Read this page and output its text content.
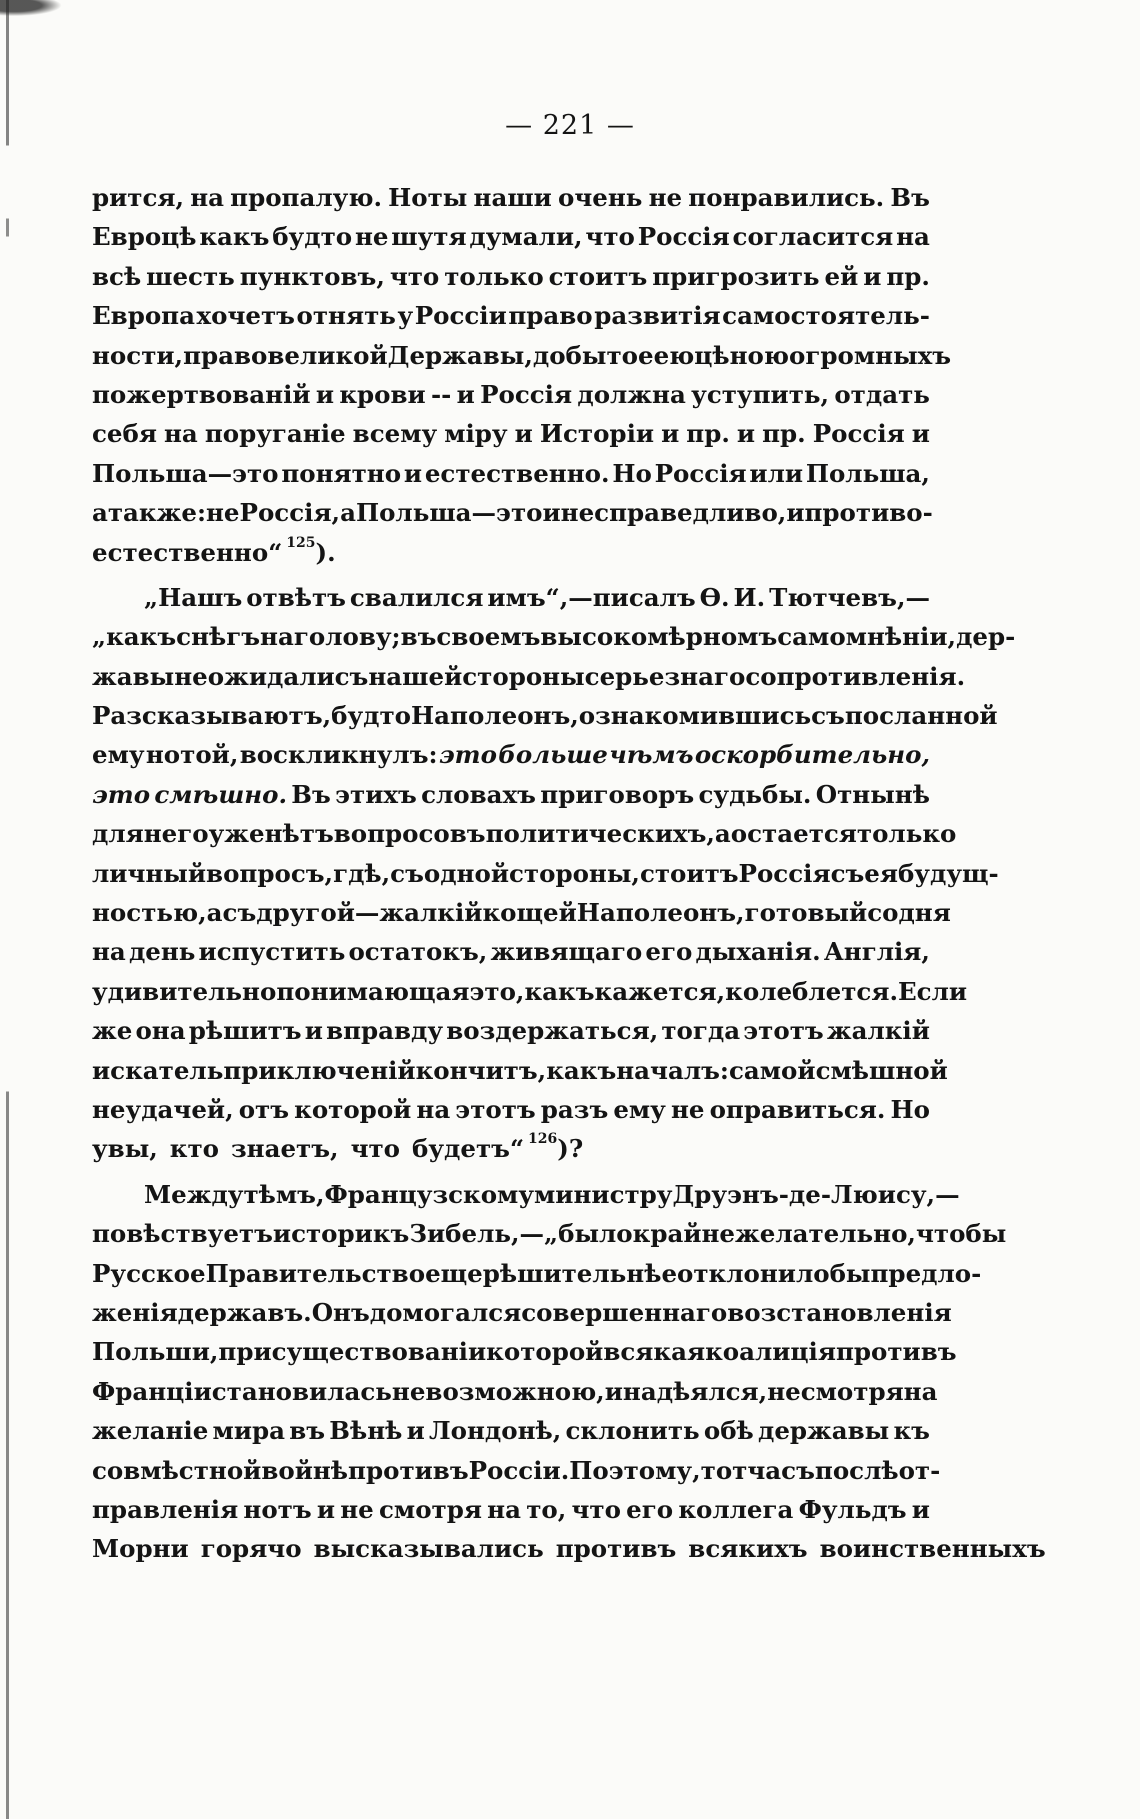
— 221 —
рится, на пропалую. Ноты наши очень не понравились. Въ
Евроцѣ какъ будто не шутя думали, что Россія согласится на
всѣ шесть пунктовъ, что только стоитъ пригрозить ей и пр.
Европа хочетъ отнять у Россіи право развитія самостоятель-
ности, право великой Державы, добытое ею цѣною огромныхъ
пожертвованій и крови -- и Россія должна уступить, отдать
себя на поруганіе всему міру и Исторіи и пр. и пр. Россія и
Польша—это понятно и естественно. Но Россія или Польша,
а также: не Россія, а Польша—это и несправедливо, и противо-
естественно“ 125 ).
„Нашъ отвѣтъ свалился имъ“,—писалъ Ѳ. И. Тютчевъ,—
„какъ снѣгъ на голову; въ своемъ высокомѣрномъ самомнѣніи, дер-
жавы не ожидали съ нашей стороны серьезнаго сопротивленія.
Разсказываютъ, будто Наполеонъ, ознакомившись съ посланной
ему нотой, воскликнулъ: это больше чѣмъ оскорбительно,
это смѣшно. Въ этихъ словахъ приговоръ судьбы. Отнынѣ
для него уже нѣтъ вопросовъ политическихъ, а остается только
личный вопросъ, гдѣ, съ одной стороны, стоитъ Россія съ ея будущ-
ностью, а съ другой—жалкій кощей Наполеонъ, готовый со дня
на день испустить остатокъ, живящаго его дыханія. Англія,
удивительно понимающая это, какъ кажется, колеблется. Если
же она рѣшитъ и вправду воздержаться, тогда этотъ жалкій
искатель приключеній кончитъ, какъ началъ: самой смѣшной
неудачей, отъ которой на этотъ разъ ему не оправиться. Но
увы, кто знаетъ, что будетъ“ 126 )?
Между тѣмъ, Французскому министру Друэнъ-де-Люису,—
повѣствуетъ историкъ Зибель,—„было крайне желательно, чтобы
Русское Правительство еще рѣшительнѣе отклонило бы предло-
женія державъ. Онъ домогался совершеннаго возстановленія
Польши, при существованіи которой всякая коалиція противъ
Франціи становилась невозможною, и надѣялся, не смотря на
желаніе мира въ Вѣнѣ и Лондонѣ, склонить обѣ державы къ
совмѣстной войнѣ противъ Россіи. Поэтому, тотчасъ послѣ от-
правленія нотъ и не смотря на то, что его коллега Фульдъ и
Морни горячо высказывались противъ всякихъ воинственныхъ
